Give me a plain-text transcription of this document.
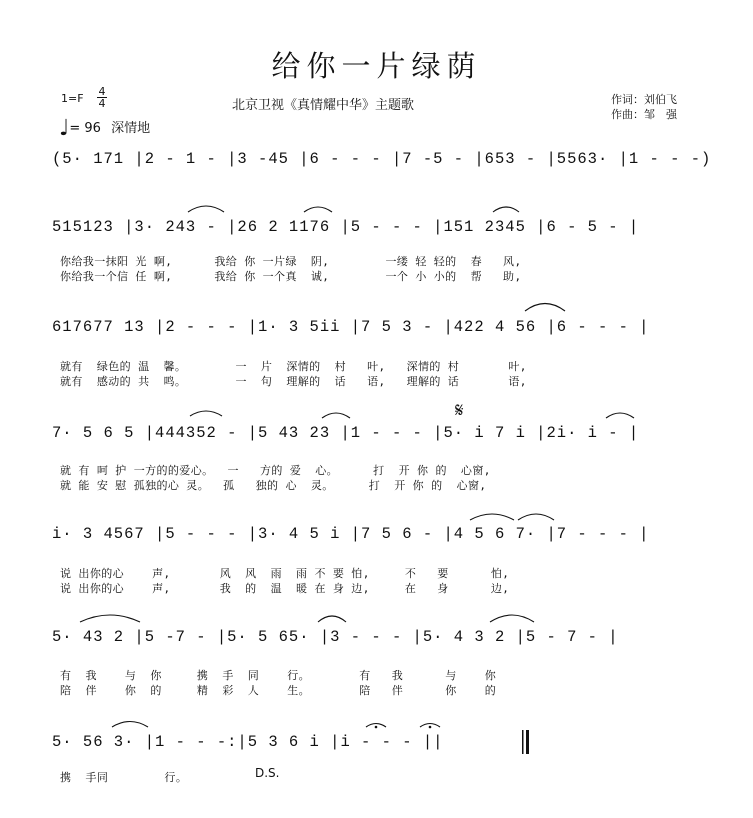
给你一片绿荫
北京卫视《真情耀中华》主题歌
$1=F \frac{4}{4}$
♩= 96 深情地
作词：刘伯飞
作曲：邹　强
(5· 171 |2 - 1 - |3 -45 |6 - - - |7 -5 - |653 - |5563· |1 - - -)
515123 |3· 243 - |26 2 1176 |5 - - - |151 2345 |6 - 5 - |
你给我一抹阳 光 啊,      我给 你 一片绿  阴,        一缕 轻 轻的  春   风,
你给我一个信 任 啊,      我给 你 一个真  诚,        一个 小 小的  帮   助,
617677 13 |2 - - - |1· 3 5ii |7 5 3 - |422 4 56 |6 - - - |
就有  绿色的 温  馨。       一  片  深情的  村   叶,   深情的 村       叶,
就有  感动的 共  鸣。       一  句  理解的  话   语,   理解的 话       语,
𝄋
7· 5 6 5 |444352 - |5 43 23 |1 - - - |5· i 7 i |2i· i - |
就 有 呵 护 一方的的爱心。  一   方的 爱  心。     打  开 你 的  心窗,
就 能 安 慰 孤独的心 灵。  孤   独的 心  灵。     打  开 你 的  心窗,
i· 3 4567 |5 - - - |3· 4 5 i |7 5 6 - |4 5 6 7· |7 - - - |
说 出你的心    声,       风  风  雨  雨 不 要 怕,     不   要      怕,
说 出你的心    声,       我  的  温  暖 在 身 边,     在   身      边,
5· 43 2 |5 -7 - |5· 5 65· |3 - - - |5· 4 3 2 |5 - 7 - |
有  我    与  你     携  手  同    行。       有   我      与    你
陪  伴    你  的     精  彩  人    生。       陪   伴      你    的
5· 56 3· |1 - - -:|5 3 6 i |i - - - ||
携  手同        行。	D.S.
